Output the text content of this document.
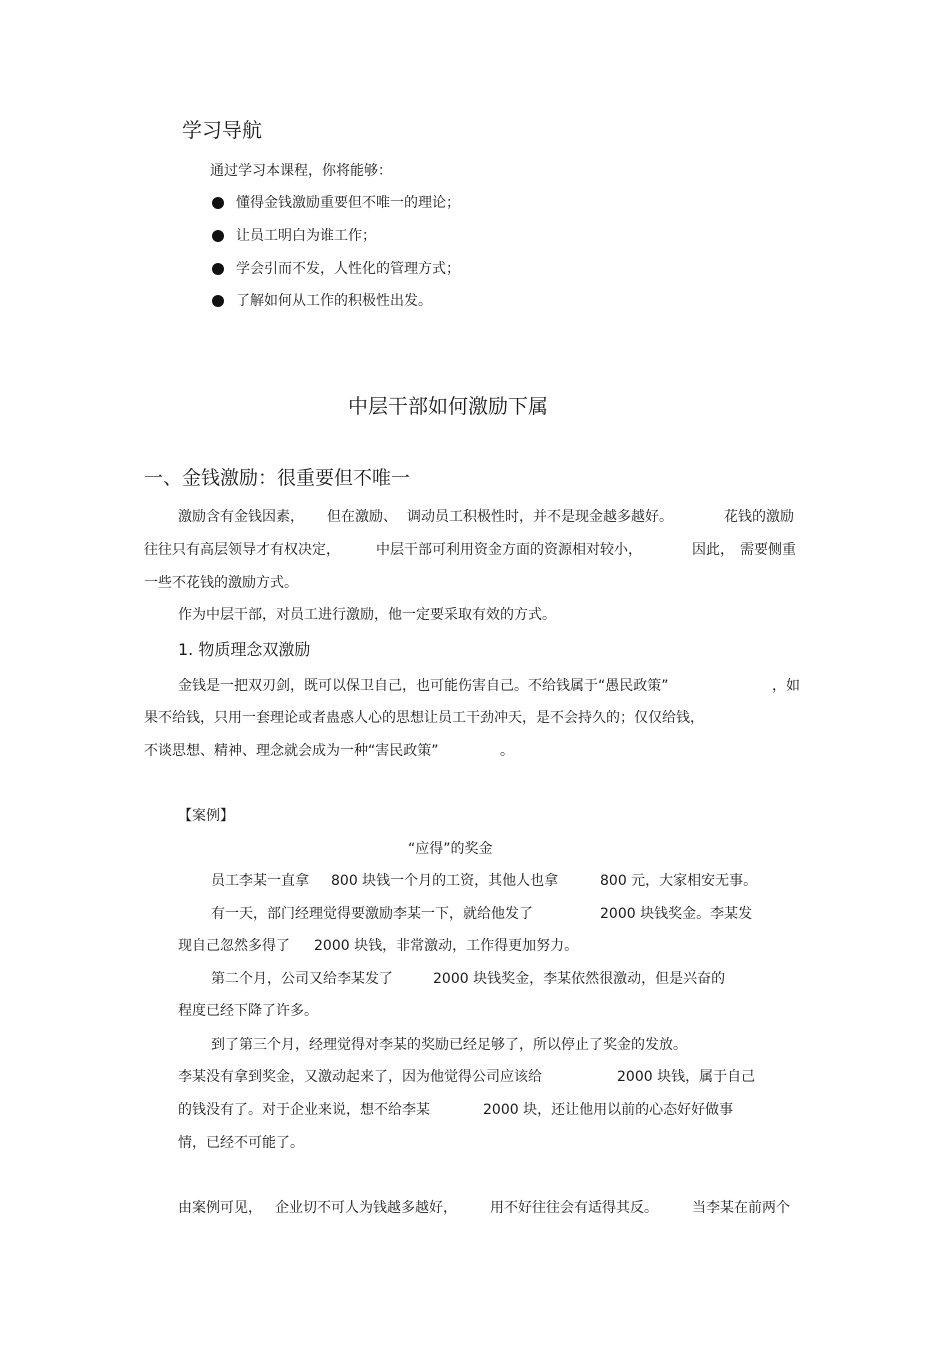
学习导航
通过学习本课程，你将能够：
懂得金钱激励重要但不唯一的理论；
让员工明白为谁工作；
学会引而不发，人性化的管理方式；
了解如何从工作的积极性出发。
中层干部如何激励下属
一、金钱激励：很重要但不唯一
激励含有金钱因素， 但在激励、 调动员工积极性时，并不是现金越多越好。	花钱的激励
往往只有高层领导才有权决定，	中层干部可利用资金方面的资源相对较小，	因此， 需要侧重
一些不花钱的激励方式。
作为中层干部，对员工进行激励，他一定要采取有效的方式。
1. 物质理念双激励
金钱是一把双刃剑，既可以保卫自己，也可能伤害自己。不给钱属于“愚民政策”	，如
果不给钱，只用一套理论或者蛊惑人心的思想让员工干劲冲天，是不会持久的；仅仅给钱，
不谈思想、精神、理念就会成为一种“害民政策”	。
【案例】
“应得”的奖金
员工李某一直拿 800 块钱一个月的工资，其他人也拿	800 元，大家相安无事。
有一天，部门经理觉得要激励李某一下，就给他发了	2000 块钱奖金。李某发
现自己忽然多得了 2000 块钱，非常激动，工作得更加努力。
第二个月，公司又给李某发了	2000 块钱奖金，李某依然很激动，但是兴奋的
程度已经下降了许多。
到了第三个月，经理觉得对李某的奖励已经足够了，所以停止了奖金的发放。
李某没有拿到奖金，又激动起来了，因为他觉得公司应该给	2000 块钱，属于自己
的钱没有了。对于企业来说，想不给李某	2000 块，还让他用以前的心态好好做事
情，已经不可能了。
由案例可见， 企业切不可人为钱越多越好， 用不好往往会有适得其反。 当李某在前两个
